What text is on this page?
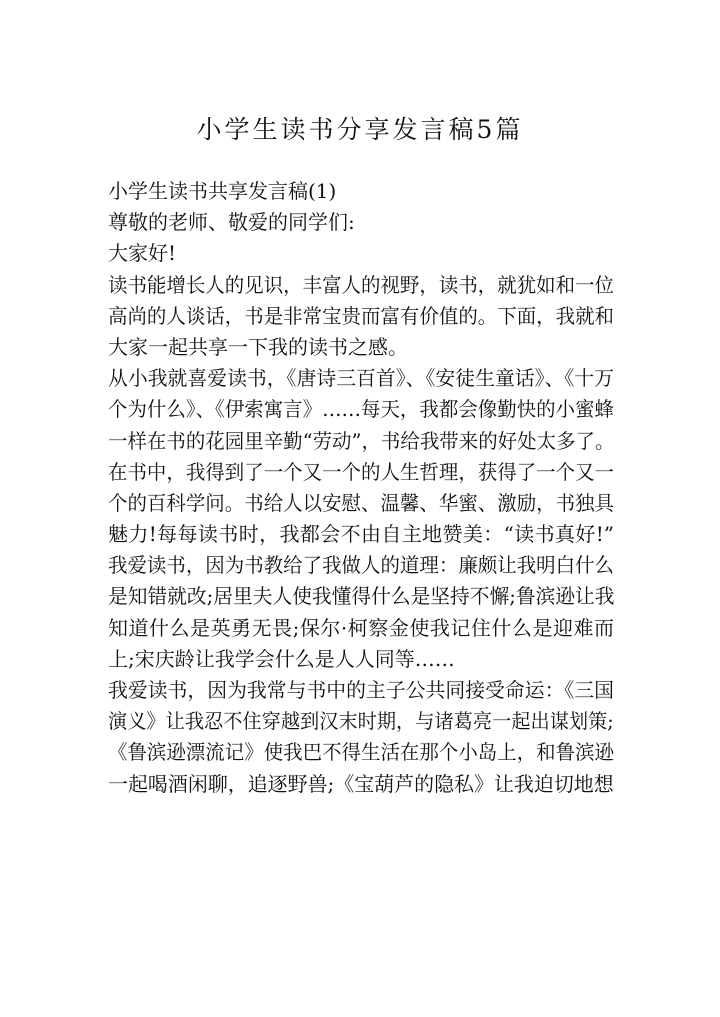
小学生读书分享发言稿5篇

小学生读书共享发言稿(1)

尊敬的老师、敬爱的同学们:

大家好!

读书能增长人的见识，丰富人的视野，读书，就犹如和一位

高尚的人谈话，书是非常宝贵而富有价值的。下面，我就和

大家一起共享一下我的读书之感。

从小我就喜爱读书，《唐诗三百首》、《安徒生童话》、《十万

个为什么》、《伊索寓言》……每天，我都会像勤快的小蜜蜂

一样在书的花园里辛勤“劳动”，书给我带来的好处太多了。

在书中，我得到了一个又一个的人生哲理，获得了一个又一

个的百科学问。书给人以安慰、温馨、华蜜、激励，书独具

魅力!每每读书时，我都会不由自主地赞美：“读书真好!”

我爱读书，因为书教给了我做人的道理：廉颇让我明白什么

是知错就改;居里夫人使我懂得什么是坚持不懈;鲁滨逊让我

知道什么是英勇无畏;保尔·柯察金使我记住什么是迎难而

上;宋庆龄让我学会什么是人人同等……

我爱读书，因为我常与书中的主子公共同接受命运：《三国

演义》让我忍不住穿越到汉末时期，与诸葛亮一起出谋划策;

《鲁滨逊漂流记》使我巴不得生活在那个小岛上，和鲁滨逊

一起喝酒闲聊，追逐野兽;《宝葫芦的隐私》让我迫切地想
